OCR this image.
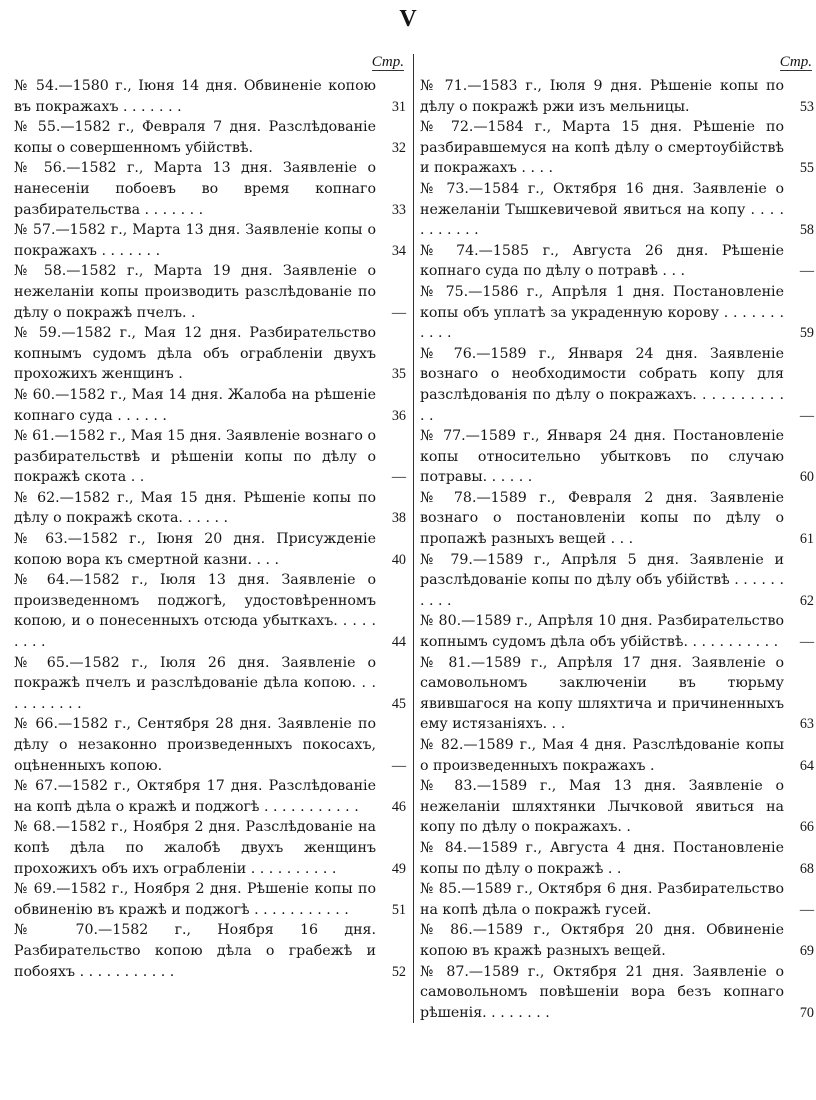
V
Стр.
№ 54.—1580 г., Іюня 14 дня. Обвиненіе копою въ покражахъ . . . . . . .	31
№ 55.—1582 г., Февраля 7 дня. Разслѣдованіе копы о совершенномъ убійствѣ.	32
№ 56.—1582 г., Марта 13 дня. Заявленіе о нанесеніи побоевъ во время копнаго разбирательства . . . . . . .	33
№ 57.—1582 г., Марта 13 дня. Заявленіе копы о покражахъ . . . . . . .	34
№ 58.—1582 г., Марта 19 дня. Заявленіе о нежеланіи копы производить разслѣдованіе по дѣлу о покражѣ пчелъ. .	—
№ 59.—1582 г., Мая 12 дня. Разбирательство копнымъ судомъ дѣла объ ограбленіи двухъ прохожихъ женщинъ .	35
№ 60.—1582 г., Мая 14 дня. Жалоба на рѣшеніе копнаго суда . . . . . .	36
№ 61.—1582 г., Мая 15 дня. Заявленіе вознаго о разбирательствѣ и рѣшеніи копы по дѣлу о покражѣ скота . .	—
№ 62.—1582 г., Мая 15 дня. Рѣшеніе копы по дѣлу о покражѣ скота. . . . . .	38
№ 63.—1582 г., Іюня 20 дня. Присужденіе копою вора къ смертной казни. . . .	40
№ 64.—1582 г., Іюля 13 дня. Заявленіе о произведенномъ поджогѣ, удостовѣренномъ копою, и о понесенныхъ отсюда убыткахъ. . . . . . . . .	44
№ 65.—1582 г., Іюля 26 дня. Заявленіе о покражѣ пчелъ и разслѣдованіе дѣла копою. . . . . . . . . . .	45
№ 66.—1582 г., Сентября 28 дня. Заявленіе по дѣлу о незаконно произведенныхъ покосахъ, оцѣненныхъ копою.	—
№ 67.—1582 г., Октября 17 дня. Разслѣдованіе на копѣ дѣла о кражѣ и поджогѣ . . . . . . . . . . .	46
№ 68.—1582 г., Ноября 2 дня. Разслѣдованіе на копѣ дѣла по жалобѣ двухъ женщинъ прохожихъ объ ихъ ограбленіи . . . . . . . . . .	49
№ 69.—1582 г., Ноября 2 дня. Рѣшеніе копы по обвиненію въ кражѣ и поджогѣ . . . . . . . . . . .	51
№ 70.—1582 г., Ноября 16 дня. Разбирательство копою дѣла о грабежѣ и побояхъ . . . . . . . . . . .	52
Стр.
№ 71.—1583 г., Іюля 9 дня. Рѣшеніе копы по дѣлу о покражѣ ржи изъ мельницы.	53
№ 72.—1584 г., Марта 15 дня. Рѣшеніе по разбиравшемуся на копѣ дѣлу о смертоубійствѣ и покражахъ . . . .	55
№ 73.—1584 г., Октября 16 дня. Заявленіе о нежеланіи Тышкевичевой явиться на копу . . . . . . . . . . .	58
№ 74.—1585 г., Августа 26 дня. Рѣшеніе копнаго суда по дѣлу о потравѣ . . .	—
№ 75.—1586 г., Апрѣля 1 дня. Постановленіе копы объ уплатѣ за украденную корову . . . . . . . . . . .	59
№ 76.—1589 г., Января 24 дня. Заявленіе вознаго о необходимости собрать копу для разслѣдованія по дѣлу о покражахъ. . . . . . . . . . . .	—
№ 77.—1589 г., Января 24 дня. Постановленіе копы относительно убытковъ по случаю потравы. . . . . .	60
№ 78.—1589 г., Февраля 2 дня. Заявленіе вознаго о постановленіи копы по дѣлу о пропажѣ разныхъ вещей . . .	61
№ 79.—1589 г., Апрѣля 5 дня. Заявленіе и разслѣдованіе копы по дѣлу объ убійствѣ . . . . . . . . . .	62
№ 80.—1589 г., Апрѣля 10 дня. Разбирательство копнымъ судомъ дѣла объ убійствѣ. . . . . . . . . . .	—
№ 81.—1589 г., Апрѣля 17 дня. Заявленіе о самовольномъ заключеніи въ тюрьму явившагося на копу шляхтича и причиненныхъ ему истязаніяхъ. . .	63
№ 82.—1589 г., Мая 4 дня. Разслѣдованіе копы о произведенныхъ покражахъ .	64
№ 83.—1589 г., Мая 13 дня. Заявленіе о нежеланіи шляхтянки Лычковой явиться на копу по дѣлу о покражахъ. .	66
№ 84.—1589 г., Августа 4 дня. Постановленіе копы по дѣлу о покражѣ . .	68
№ 85.—1589 г., Октября 6 дня. Разбирательство на копѣ дѣла о покражѣ гусей.	—
№ 86.—1589 г., Октября 20 дня. Обвиненіе копою въ кражѣ разныхъ вещей.	69
№ 87.—1589 г., Октября 21 дня. Заявленіе о самовольномъ повѣшеніи вора безъ копнаго рѣшенія. . . . . . . .	70
